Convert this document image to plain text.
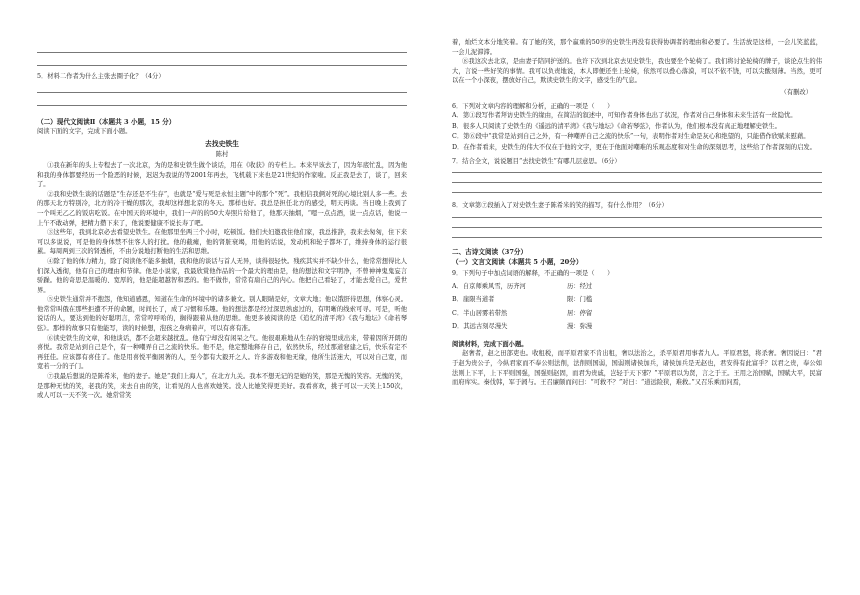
5．材料二作者为什么主张去圈子化？（4分）
（二）现代文阅读Ⅱ（本题共 3 小题，15 分）
阅读下面的文字，完成下面小题。
去找史铁生
陈村

①我在新年的头上专程去了一次北京，为的是和史铁生做个谈话，用在《收获》的专栏上。本来早该去了，因为年底忙乱，因为他和我的身体都要经历一个险恶的时候，迟迟为我说的等2001年再去，飞机载下来也是21世纪的作家啦。反正我是去了，谈了，回来了。

②我和史铁生谈的话题是“生存还是不生存”，也就是“爱与死是永恒主题”中的那个“死”。我相信我俩对死的心境比别人多一些。去的那天北方特别冷，北方的冷干燥的那次，我却这样想北京的冬天。那样也好。我总是担任北方的感受，明天再谈。当日晚上我到了一个叫无乙乙的饭店吃饭。在中国天的环境中，我们一声的的50大寿照片给他了，他那天抽烟，“嗯一点点酒，说一点点话，他说一上午不敢动弹，把精力攒下来了，他说要健康不说长寿了吧。

③这些年，我到北京必去看望史铁生。在他那里坐两三个小时，吃顿饭。他们夫妇邀我住他们家，我总推辞，我来去匆匆，住下来可以多说说，可是他的身体禁不住客人的打扰。他的截瘫，他的肾脏衰竭，用他的话说，发动机和轮子都坏了，维持身体的运行很累。每周两到三次的肾透析，不由分说地打断他的生活和思维。

④除了他的体力精力，除了阅读他不能多抽烟，我和他的谈话与首人无异，谈得很轻快。残疾其实并不缺少什么，他常常想得比人们深入透彻，他有自己的理由和节律。他是小说家，我最欣赏他作品的一个最大的理由是，他的想法和文字明净，不曾神神鬼鬼妄言骄躁。他的奇思是温暖的、宽厚的，他是能超越智和恶的。他不做作，常常有扇自己的内心。他把自己看轻了，才能去爱自己，爱世界。

⑤史铁生通常并不抱怨，他知道感恩，知道在生命的坏境中的诸多兼文。别人眼睛是好，文章大地；他以饿肝待思想，体察心灵。他常常叫俄在那些拒遭不开的命题，时间长了，成了习惯和乐趣。他的想法都是经过深思熟虑过的，有明晰的线索可寻。可是，听他说话的人，要达到他的好聪明言，常常哼呼哈的，搁得跟着从他的思维。他更多被阅读的是《追忆的清平湾》《我与地坛》《命若琴弦》。那样的故事只有他能写，读的时候想，泡孩之身病着声，可以有喜有准。

⑥读史铁生的文章，和他谈话，都不会超来越扰乱。他有宁却没有闲呆之气。他很艰难地从生存的窘境里成出来，带着因所开朗的喜悦。我常是站到自己是个，有一种嘲弄自己之流的快乐。他不是，他定整地释存自己，依然快乐，经过那道窘建之后，快乐有定不再狂佳。应该都有喜佳了。他是用喜悦平衡困著的人，至今都有大毅开之人。许多游戏和他无缘，他所生活迷大，可以对自己宽，而宽若一分的子门。

⑦我最后想说的是陈希米，他的妻子。她是“我们上海人”，在北方九关。我本不想无记的是她的笑，那是无愧的笑容。无愧的笑，是那种无忧的笑，老我的笑，来去自由的笑，让看见的人也喜欢她笑。没人比她笑得更美好。我看喜欢，挑子可以一天笑上150次，或人可以一天不笑一次。她常常笑

着，灿烂文本分地笑着。有了她的笑，那个羸重的50岁的史铁生再没有获得协调者的理由和必要了。生活放是这样，一会儿笑蓝蓝，一会儿泥滞滞。

⑧我这次去北京，是由妻子陪同护送的。也许下次到北京去见史铁生，我也要坐个轮椅了。我们将讨论轮椅的牌子，谈论点生的伟大，言说一些好笑的事情。我可以负责地说，本人即便还坐上轮椅，依然可以叠心落漠，可以不依不饶，可以尖酸刻薄。当然，更可以在一个小深夜，摆放好自己，欺读史铁生的文字，感受生的气息。

（有删改）
6．下列对文章内容的理解和分析，正确的一项是（　　）
A．第①段写作者拜访史铁生的缘由，在简洁的叙述中，可知作者身体也出了状况，作者对自己身体和未来生活有一丝隐忧。
B．很多人只阅读了史铁生的《遥远的清平湾》《我与地坛》《命若琴弦》，作者认为，他们根本没有真正地理解史铁生。
C．第⑥段中“我常是站到自己之外，有一种嘲弄自己之流的快乐”一句，表明作者对生命是灰心和绝望的，只能借作欣赋来慰藉。
D．在作者看来，史铁生的伟大不仅在于他的文字，更在于他面对嘲难的乐观态度和对生命的深刻思考，这些给了作者深刻的启发。
7．结合全文，说说题目“去找史铁生”有哪几层意思。（6分）
8．文章第⑦段插入了对史铁生妻子陈希米的笑的描写，有什么作用？（6分）
二、古诗文阅读（37分）
（一）文言文阅读（本题共 5 小题，20分）
9．下列句子中加点词语的解释，不正确的一项是（　　）
A．自京师乘风雪，历齐河	历：经过
B．崖限当道者	限：门槛
C．半山居雾若带然	居：停留
D．其远古刻尽漫失	漫：弥漫
阅读材料，完成下面小题。

赵奢者，赵之田部吏也。收租税，而平原君家不肯出租，奢以法治之，杀平原君用事者九人。平原君怒，将杀奢。奢因说曰：“君于赵为贵公子，今纵君家而不奉公则法削，法削则国弱，国弱则诸侯加兵，诸侯加兵是无赵也，君安得有此富乎？以君之贵，奉公如法则上下平，上下平则国强，国强则赵固，而君为贵戚，岂轻于天下邪？”平原君以为贤，言之于王。王用之治国赋，国赋大平，民富而府库实。秦伐韩，军于阏与。王召廉颇而问曰：“可救不？”对曰：“道远险狭，难救。”又召乐乘而问焉，
